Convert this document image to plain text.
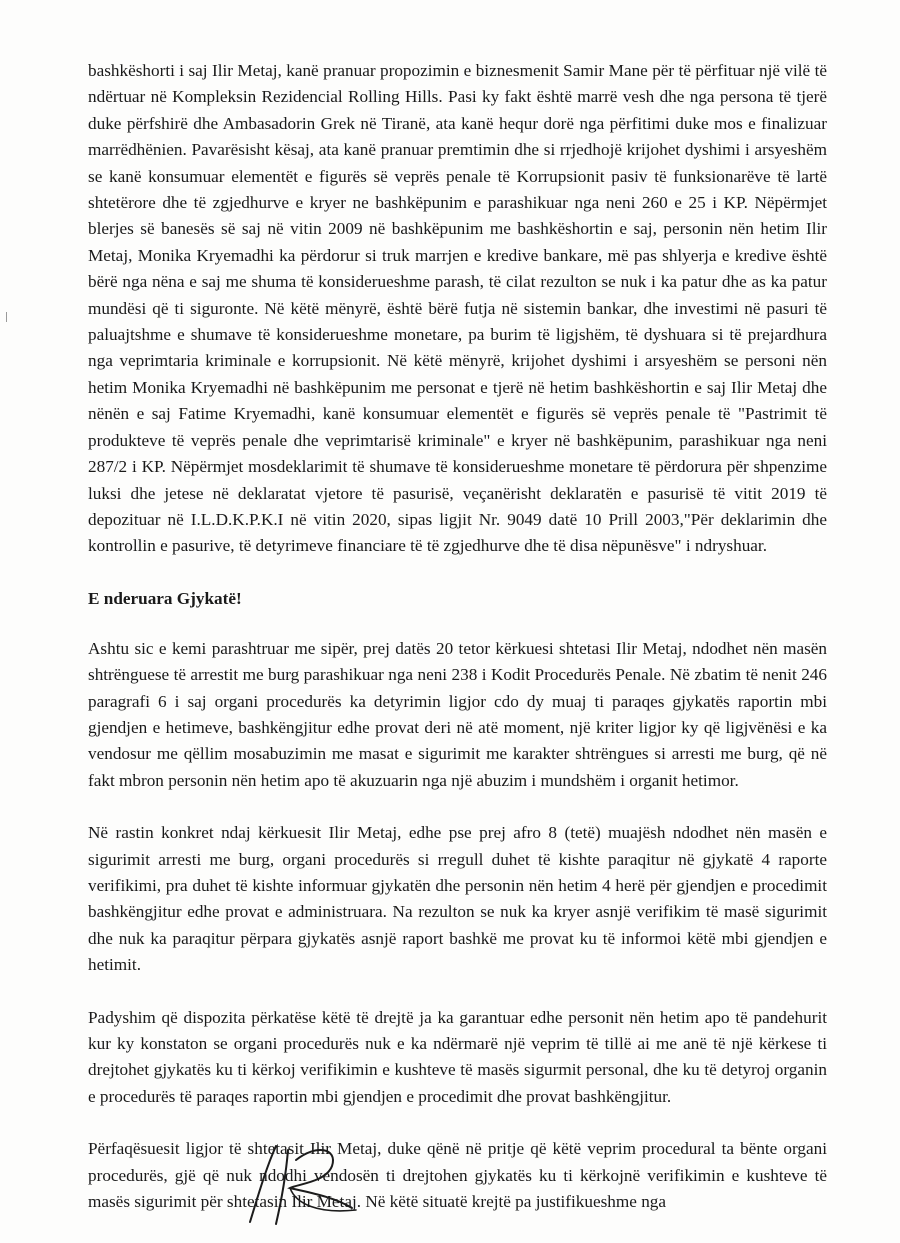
bashkëshorti i saj Ilir Metaj, kanë pranuar propozimin e biznesmenit Samir Mane për të përfituar një vilë të ndërtuar në Kompleksin Rezidencial Rolling Hills. Pasi ky fakt është marrë vesh dhe nga persona të tjerë duke përfshirë dhe Ambasadorin Grek në Tiranë, ata kanë hequr dorë nga përfitimi duke mos e finalizuar marrëdhënien. Pavarësisht kësaj, ata kanë pranuar premtimin dhe si rrjedhojë krijohet dyshimi i arsyeshëm se kanë konsumuar elementët e figurës së veprës penale të Korrupsionit pasiv të funksionarëve të lartë shtetërore dhe të zgjedhurve e kryer ne bashkëpunim e parashikuar nga neni 260 e 25 i KP. Nëpërmjet blerjes së banesës së saj në vitin 2009 në bashkëpunim me bashkëshortin e saj, personin nën hetim Ilir Metaj, Monika Kryemadhi ka përdorur si truk marrjen e kredive bankare, më pas shlyerja e kredive është bërë nga nëna e saj me shuma të konsiderueshme parash, të cilat rezulton se nuk i ka patur dhe as ka patur mundësi që ti siguronte. Në këtë mënyrë, është bërë futja në sistemin bankar, dhe investimi në pasuri të paluajtshme e shumave të konsiderueshme monetare, pa burim të ligjshëm, të dyshuara si të prejardhura nga veprimtaria kriminale e korrupsionit. Në këtë mënyrë, krijohet dyshimi i arsyeshëm se personi nën hetim Monika Kryemadhi në bashkëpunim me personat e tjerë në hetim bashkëshortin e saj Ilir Metaj dhe nënën e saj Fatime Kryemadhi, kanë konsumuar elementët e figurës së veprës penale të "Pastrimit të produkteve të veprës penale dhe veprimtarisë kriminale" e kryer në bashkëpunim, parashikuar nga neni 287/2 i KP. Nëpërmjet mosdeklarimit të shumave të konsiderueshme monetare të përdorura për shpenzime luksi dhe jetese në deklaratat vjetore të pasurisë, veçanërisht deklaratën e pasurisë të vitit 2019 të depozituar në I.L.D.K.P.K.I në vitin 2020, sipas ligjit Nr. 9049 datë 10 Prill 2003,"Për deklarimin dhe kontrollin e pasurive, të detyrimeve financiare të të zgjedhurve dhe të disa nëpunësve" i ndryshuar.

E nderuara Gjykatë!

Ashtu sic e kemi parashtruar me sipër, prej datës 20 tetor kërkuesi shtetasi Ilir Metaj, ndodhet nën masën shtrënguese të arrestit me burg parashikuar nga neni 238 i Kodit Procedurës Penale. Në zbatim të nenit 246 paragrafi 6 i saj organi procedurës ka detyrimin ligjor cdo dy muaj ti paraqes gjykatës raportin mbi gjendjen e hetimeve, bashkëngjitur edhe provat deri në atë moment, një kriter ligjor ky që ligjvënësi e ka vendosur me qëllim mosabuzimin me masat e sigurimit me karakter shtrëngues si arresti me burg, që në fakt mbron personin nën hetim apo të akuzuarin nga një abuzim i mundshëm i organit hetimor.

Në rastin konkret ndaj kërkuesit Ilir Metaj, edhe pse prej afro 8 (tetë) muajësh ndodhet nën masën e sigurimit arresti me burg, organi procedurës si rregull duhet të kishte paraqitur në gjykatë 4 raporte verifikimi, pra duhet të kishte informuar gjykatën dhe personin nën hetim 4 herë për gjendjen e procedimit bashkëngjitur edhe provat e administruara. Na rezulton se nuk ka kryer asnjë verifikim të masë sigurimit dhe nuk ka paraqitur përpara gjykatës asnjë raport bashkë me provat ku të informoi këtë mbi gjendjen e hetimit.

Padyshim që dispozita përkatëse këtë të drejtë ja ka garantuar edhe personit nën hetim apo të pandehurit kur ky konstaton se organi procedurës nuk e ka ndërmarë një veprim të tillë ai me anë të një kërkese ti drejtohet gjykatës ku ti kërkoj verifikimin e kushteve të masës sigurmit personal, dhe ku të detyroj organin e procedurës të paraqes raportin mbi gjendjen e procedimit dhe provat bashkëngjitur.

Përfaqësuesit ligjor të shtetasit Ilir Metaj, duke qënë në pritje që këtë veprim procedural ta bënte organi procedurës, gjë që nuk ndodhi vendosën ti drejtohen gjykatës ku ti kërkojnë verifikimin e kushteve të masës sigurimit për shtetasin Ilir Metaj. Në këtë situatë krejtë pa justifikueshme nga
